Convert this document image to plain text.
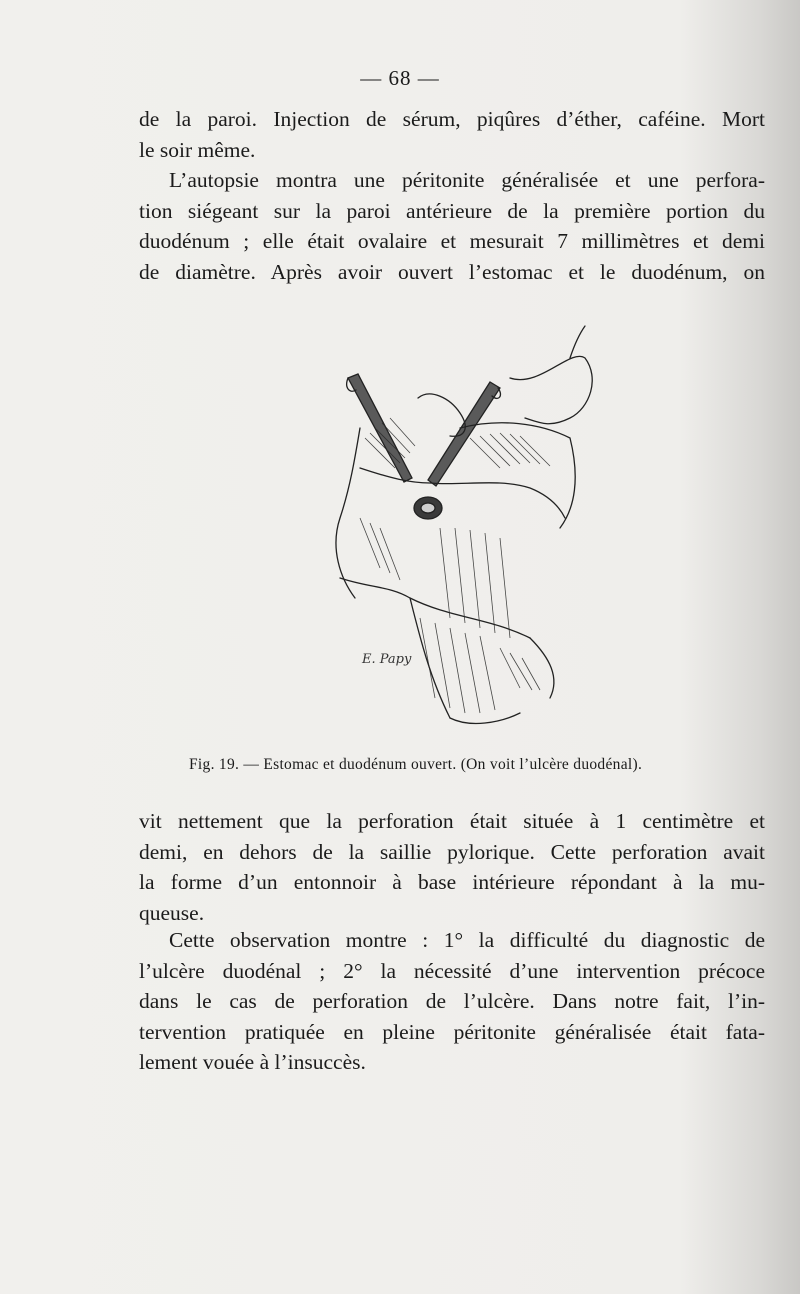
— 68 —
de la paroi. Injection de sérum, piqûres d’éther, caféine. Mort
le soir même.
L’autopsie montra une péritonite généralisée et une perfora-
tion siégeant sur la paroi antérieure de la première portion du
duodénum ; elle était ovalaire et mesurait 7 millimètres et demi
de diamètre. Après avoir ouvert l’estomac et le duodénum, on
E. Papy
Fig. 19. — Estomac et duodénum ouvert. (On voit l’ulcère duodénal).
vit nettement que la perforation était située à 1 centimètre et
demi, en dehors de la saillie pylorique. Cette perforation avait
la forme d’un entonnoir à base intérieure répondant à la mu-
queuse.
Cette observation montre : 1° la difficulté du diagnostic de
l’ulcère duodénal ; 2° la nécessité d’une intervention précoce
dans le cas de perforation de l’ulcère. Dans notre fait, l’in-
tervention pratiquée en pleine péritonite généralisée était fata-
lement vouée à l’insuccès.
